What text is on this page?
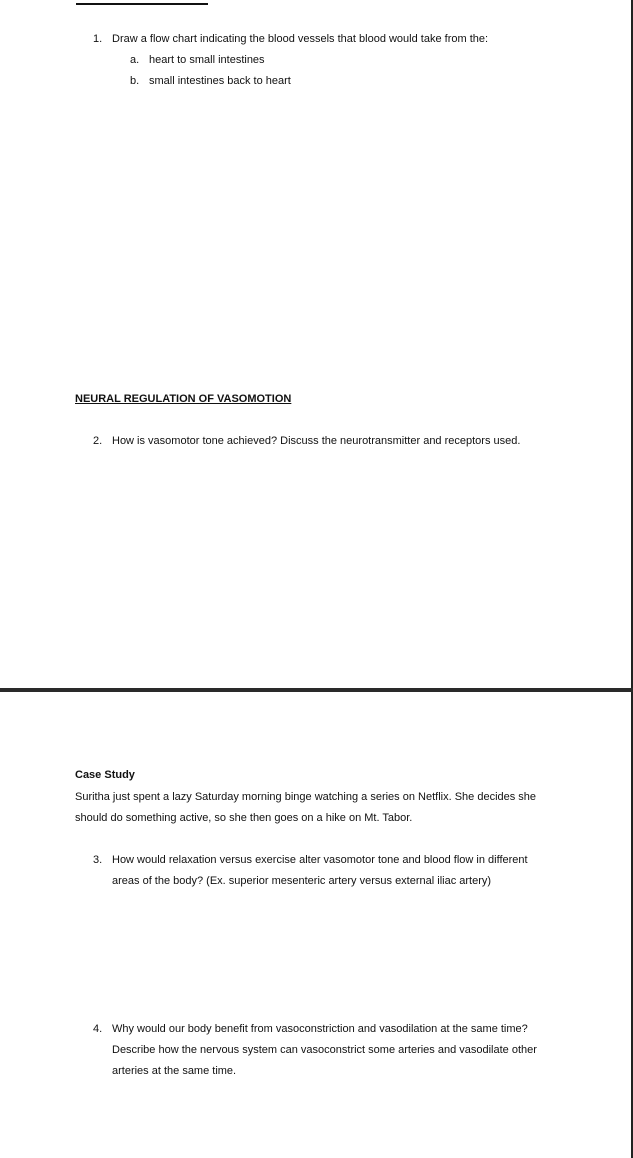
1. Draw a flow chart indicating the blood vessels that blood would take from the:
a. heart to small intestines
b. small intestines back to heart
NEURAL REGULATION OF VASOMOTION
2. How is vasomotor tone achieved? Discuss the neurotransmitter and receptors used.
Case Study
Suritha just spent a lazy Saturday morning binge watching a series on Netflix. She decides she
should do something active, so she then goes on a hike on Mt. Tabor.
3. How would relaxation versus exercise alter vasomotor tone and blood flow in different
areas of the body? (Ex. superior mesenteric artery versus external iliac artery)
4. Why would our body benefit from vasoconstriction and vasodilation at the same time?
Describe how the nervous system can vasoconstrict some arteries and vasodilate other
arteries at the same time.
